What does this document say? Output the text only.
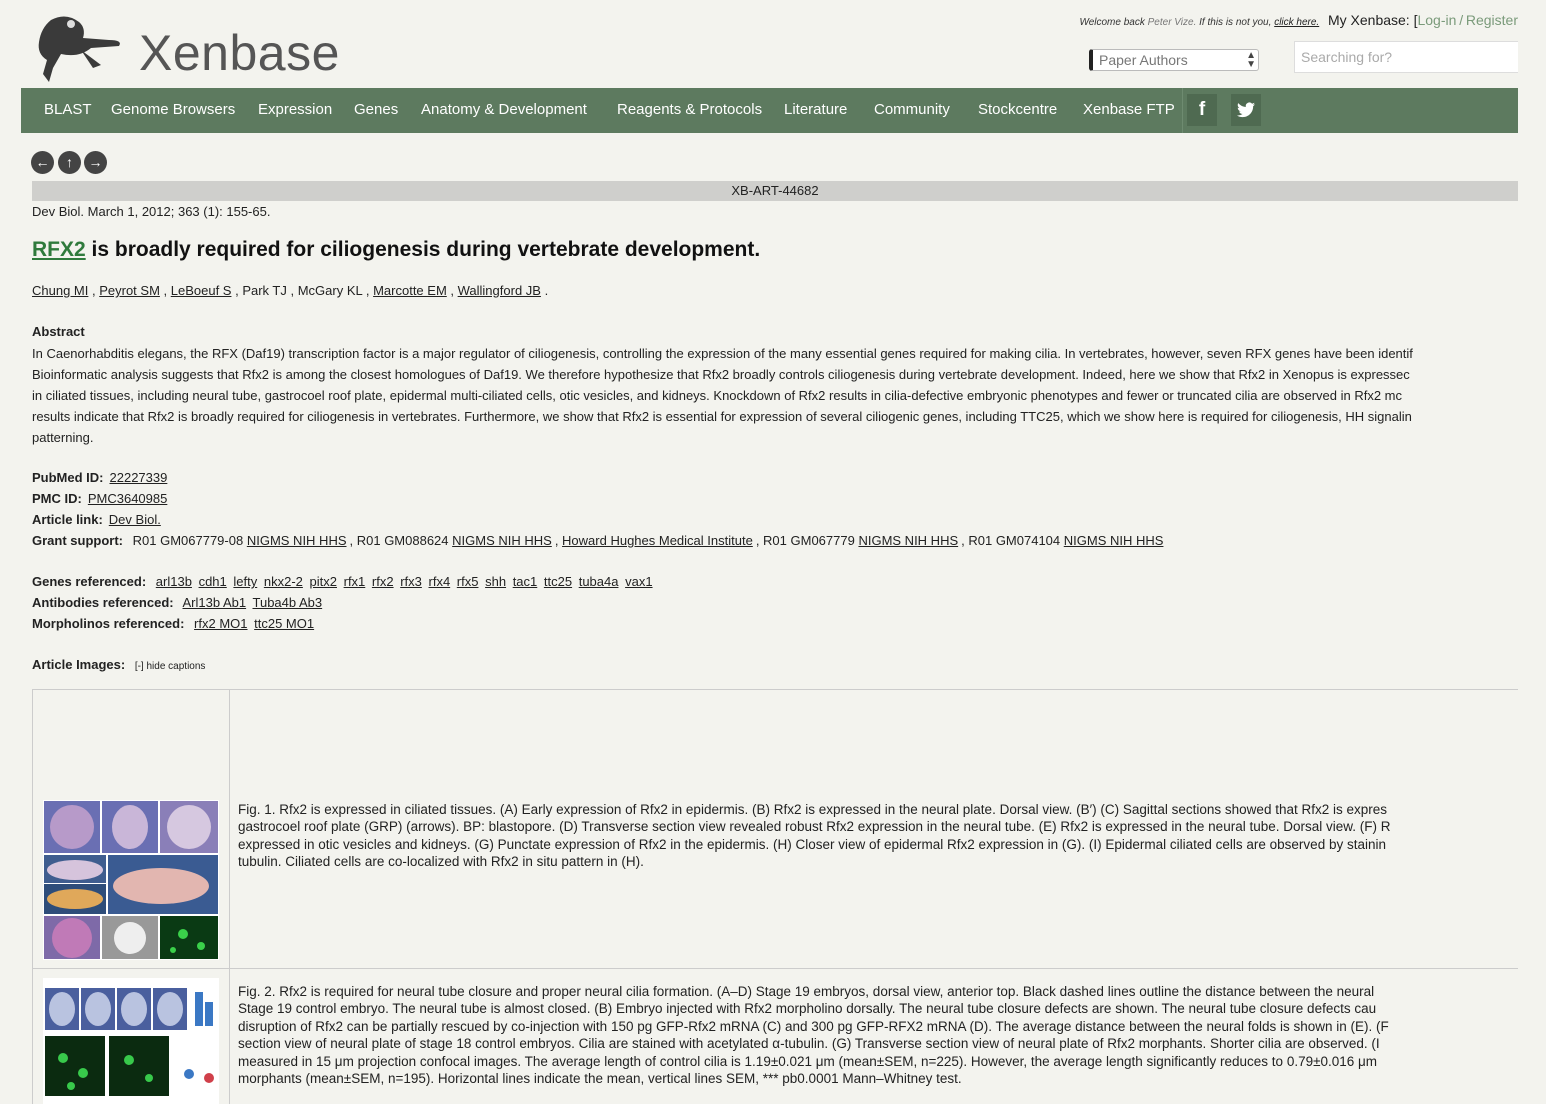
Xenbase
Welcome back Peter Vize. If this is not you, click here. My Xenbase: [Log-in / Register
Paper Authors	▲
▼	Searching for?
BLAST Genome Browsers Expression Genes Anatomy & Development Reagents & Protocols Literature Community Stockcentre Xenbase FTP	f
←	↑	→
XB-ART-44682
Dev Biol. March 1, 2012; 363 (1): 155-65.
RFX2 is broadly required for ciliogenesis during vertebrate development.
Chung MI , Peyrot SM , LeBoeuf S , Park TJ , McGary KL , Marcotte EM , Wallingford JB .
Abstract
In Caenorhabditis elegans, the RFX (Daf19) transcription factor is a major regulator of ciliogenesis, controlling the expression of the many essential genes required for making cilia. In vertebrates, however, seven RFX genes have been identif
Bioinformatic analysis suggests that Rfx2 is among the closest homologues of Daf19. We therefore hypothesize that Rfx2 broadly controls ciliogenesis during vertebrate development. Indeed, here we show that Rfx2 in Xenopus is expressec
in ciliated tissues, including neural tube, gastrocoel roof plate, epidermal multi-ciliated cells, otic vesicles, and kidneys. Knockdown of Rfx2 results in cilia-defective embryonic phenotypes and fewer or truncated cilia are observed in Rfx2 mc
results indicate that Rfx2 is broadly required for ciliogenesis in vertebrates. Furthermore, we show that Rfx2 is essential for expression of several ciliogenic genes, including TTC25, which we show here is required for ciliogenesis, HH signalin
patterning.
PubMed ID: 22227339
PMC ID: PMC3640985
Article link: Dev Biol.
Grant support: R01 GM067779-08 NIGMS NIH HHS , R01 GM088624 NIGMS NIH HHS , Howard Hughes Medical Institute , R01 GM067779 NIGMS NIH HHS , R01 GM074104 NIGMS NIH HHS
Genes referenced: arl13b cdh1 lefty nkx2-2 pitx2 rfx1 rfx2 rfx3 rfx4 rfx5 shh tac1 ttc25 tuba4a vax1
Antibodies referenced: Arl13b Ab1 Tuba4b Ab3
Morpholinos referenced: rfx2 MO1 ttc25 MO1
Article Images: [-] hide captions
Fig. 1. Rfx2 is expressed in ciliated tissues. (A) Early expression of Rfx2 in epidermis. (B) Rfx2 is expressed in the neural plate. Dorsal view. (B′) (C) Sagittal sections showed that Rfx2 is expres
gastrocoel roof plate (GRP) (arrows). BP: blastopore. (D) Transverse section view revealed robust Rfx2 expression in the neural tube. (E) Rfx2 is expressed in the neural tube. Dorsal view. (F) R
expressed in otic vesicles and kidneys. (G) Punctate expression of Rfx2 in the epidermis. (H) Closer view of epidermal Rfx2 expression in (G). (I) Epidermal ciliated cells are observed by stainin
tubulin. Ciliated cells are co-localized with Rfx2 in situ pattern in (H).
Fig. 2. Rfx2 is required for neural tube closure and proper neural cilia formation. (A–D) Stage 19 embryos, dorsal view, anterior top. Black dashed lines outline the distance between the neural
Stage 19 control embryo. The neural tube is almost closed. (B) Embryo injected with Rfx2 morpholino dorsally. The neural tube closure defects are shown. The neural tube closure defects cau
disruption of Rfx2 can be partially rescued by co-injection with 150 pg GFP-Rfx2 mRNA (C) and 300 pg GFP-RFX2 mRNA (D). The average distance between the neural folds is shown in (E). (F
section view of neural plate of stage 18 control embryos. Cilia are stained with acetylated α-tubulin. (G) Transverse section view of neural plate of Rfx2 morphants. Shorter cilia are observed. (I
measured in 15 μm projection confocal images. The average length of control cilia is 1.19±0.021 μm (mean±SEM, n=225). However, the average length significantly reduces to 0.79±0.016 μm
morphants (mean±SEM, n=195). Horizontal lines indicate the mean, vertical lines SEM, *** pb0.0001 Mann–Whitney test.
